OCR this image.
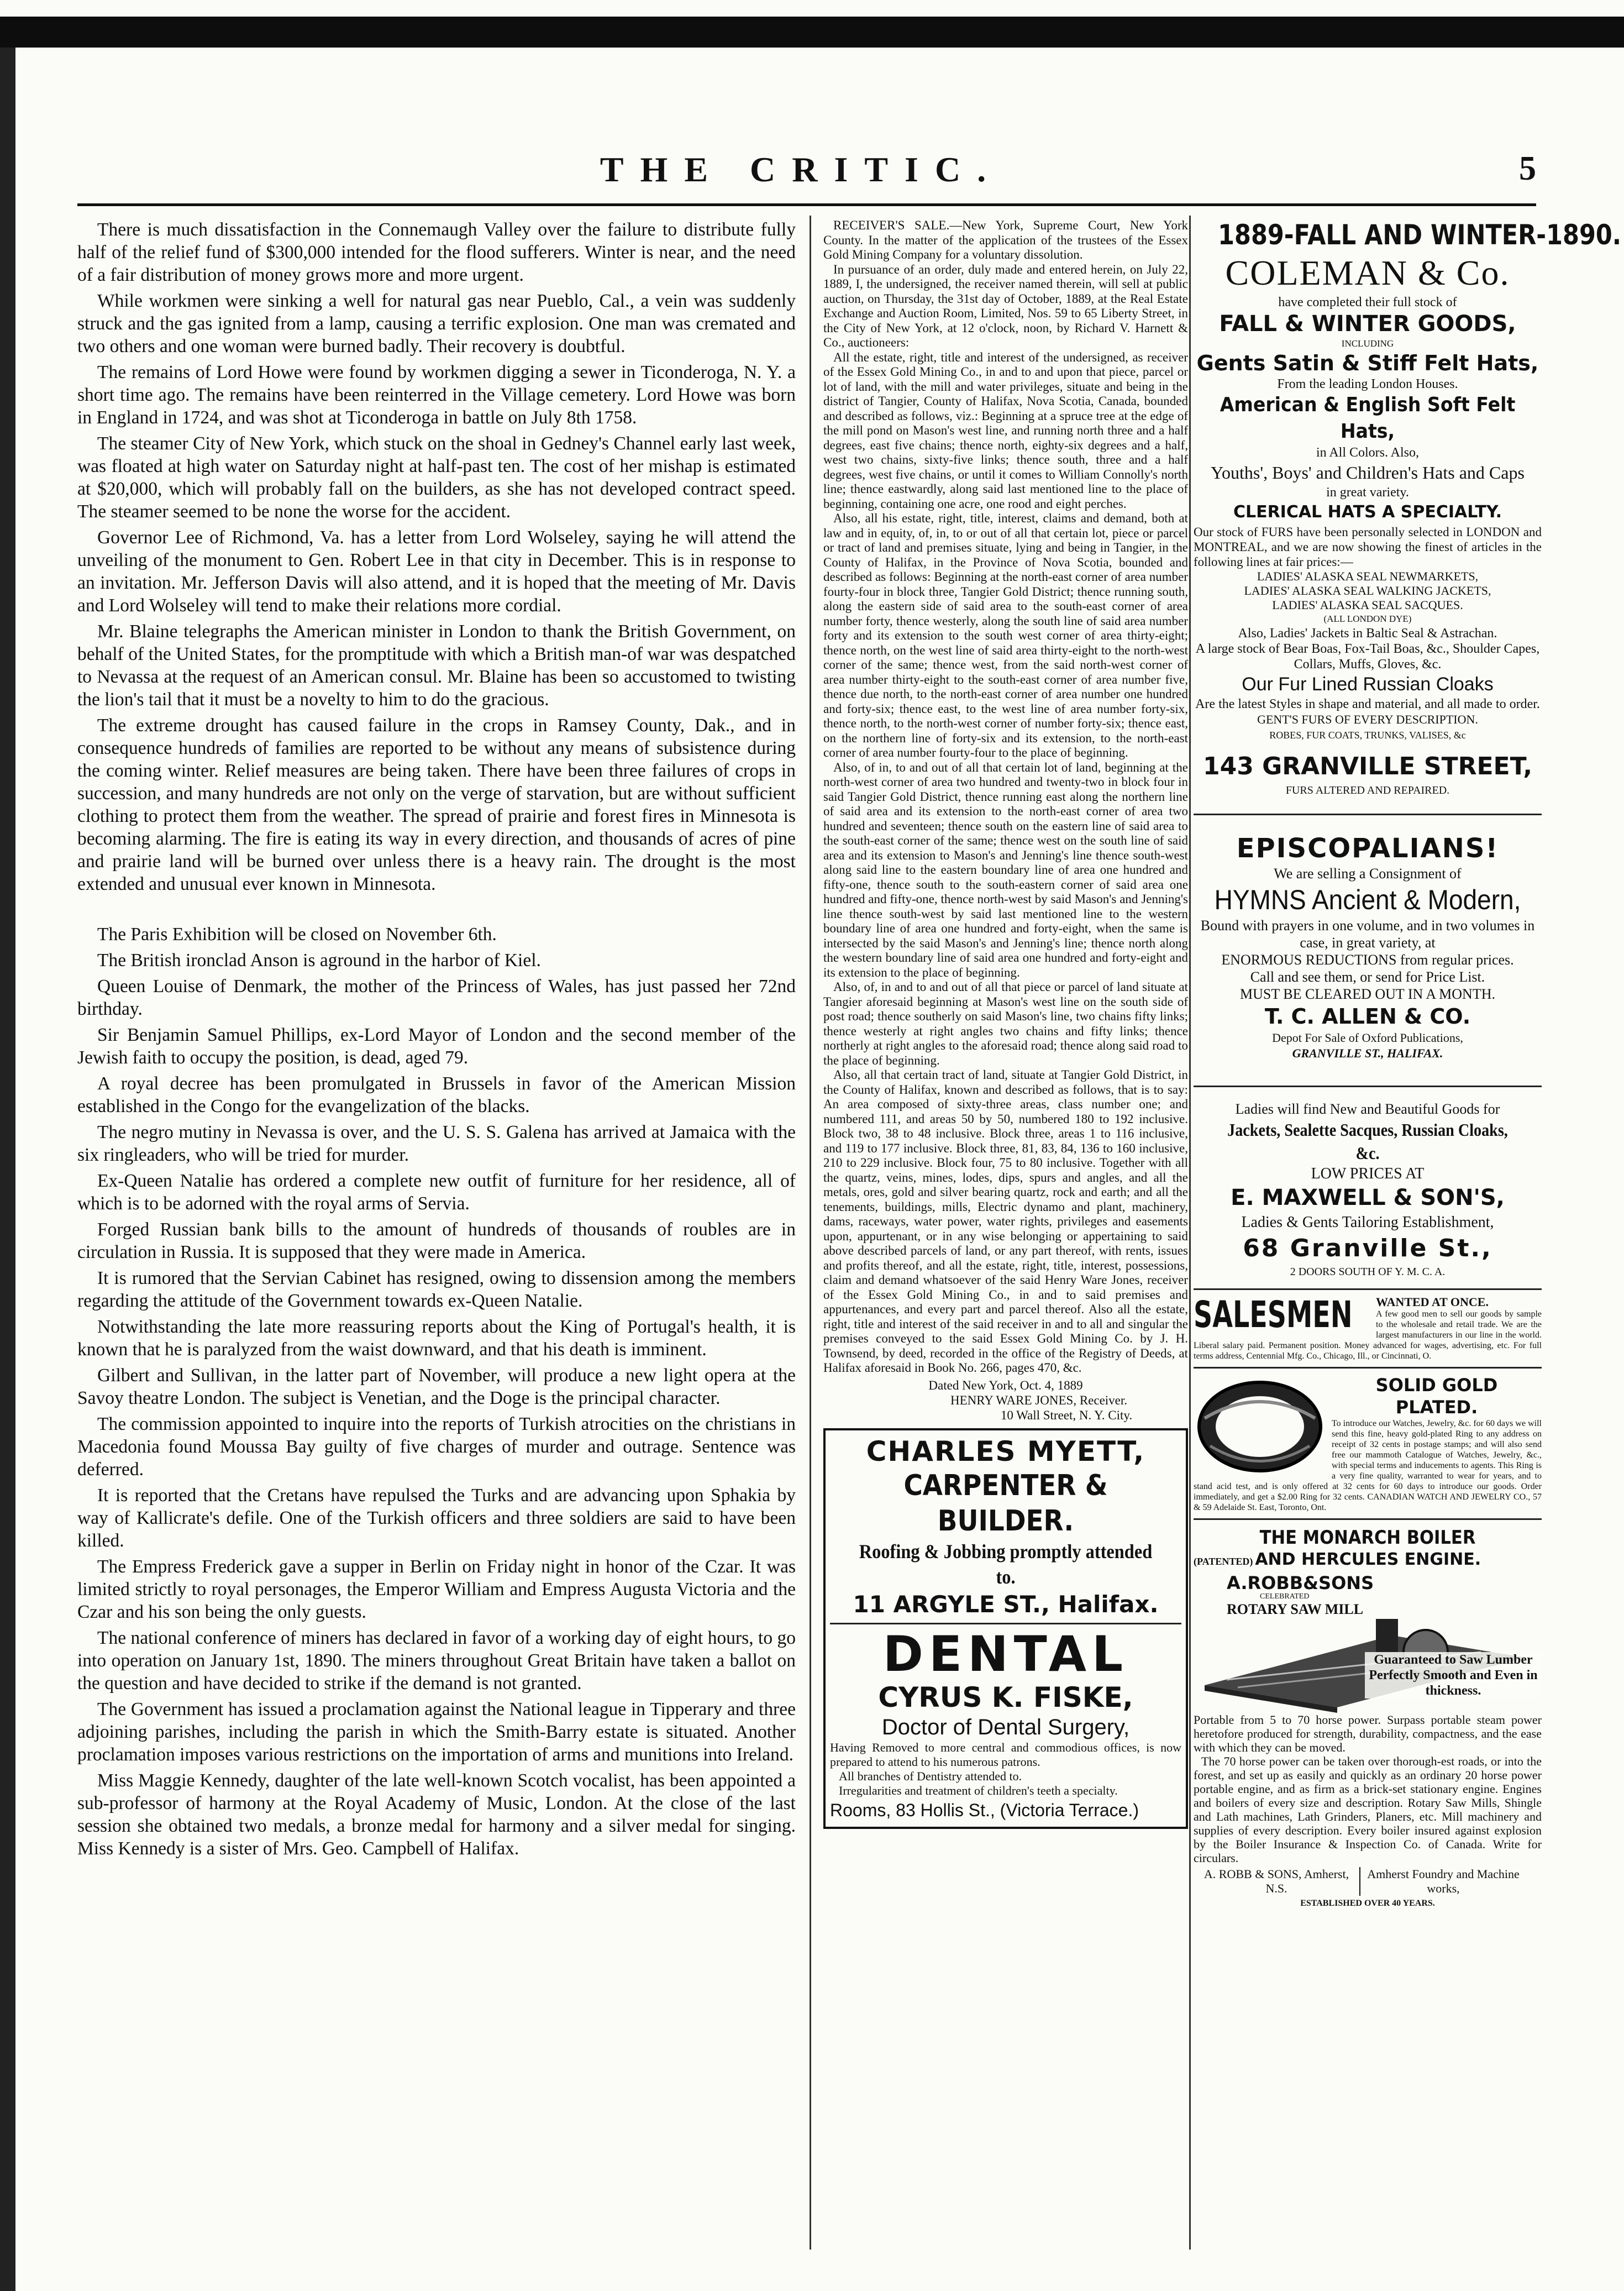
THE CRITIC.	5

There is much dissatisfaction in the Connemaugh Valley over the failure to distribute fully half of the relief fund of $300,000 intended for the flood sufferers. Winter is near, and the need of a fair distribution of money grows more and more urgent.

While workmen were sinking a well for natural gas near Pueblo, Cal., a vein was suddenly struck and the gas ignited from a lamp, causing a terrific explosion. One man was cremated and two others and one woman were burned badly. Their recovery is doubtful.

The remains of Lord Howe were found by workmen digging a sewer in Ticonderoga, N. Y. a short time ago. The remains have been reinterred in the Village cemetery. Lord Howe was born in England in 1724, and was shot at Ticonderoga in battle on July 8th 1758.

The steamer City of New York, which stuck on the shoal in Gedney's Channel early last week, was floated at high water on Saturday night at half-past ten. The cost of her mishap is estimated at $20,000, which will probably fall on the builders, as she has not developed contract speed. The steamer seemed to be none the worse for the accident.

Governor Lee of Richmond, Va. has a letter from Lord Wolseley, saying he will attend the unveiling of the monument to Gen. Robert Lee in that city in December. This is in response to an invitation. Mr. Jefferson Davis will also attend, and it is hoped that the meeting of Mr. Davis and Lord Wolseley will tend to make their relations more cordial.

Mr. Blaine telegraphs the American minister in London to thank the British Government, on behalf of the United States, for the promptitude with which a British man-of war was despatched to Nevassa at the request of an American consul. Mr. Blaine has been so accustomed to twisting the lion's tail that it must be a novelty to him to do the gracious.

The extreme drought has caused failure in the crops in Ramsey County, Dak., and in consequence hundreds of families are reported to be without any means of subsistence during the coming winter. Relief measures are being taken. There have been three failures of crops in succession, and many hundreds are not only on the verge of starvation, but are without sufficient clothing to protect them from the weather. The spread of prairie and forest fires in Minnesota is becoming alarming. The fire is eating its way in every direction, and thousands of acres of pine and prairie land will be burned over unless there is a heavy rain. The drought is the most extended and unusual ever known in Minnesota.

The Paris Exhibition will be closed on November 6th.

The British ironclad Anson is aground in the harbor of Kiel.

Queen Louise of Denmark, the mother of the Princess of Wales, has just passed her 72nd birthday.

Sir Benjamin Samuel Phillips, ex-Lord Mayor of London and the second member of the Jewish faith to occupy the position, is dead, aged 79.

A royal decree has been promulgated in Brussels in favor of the American Mission established in the Congo for the evangelization of the blacks.

The negro mutiny in Nevassa is over, and the U. S. S. Galena has arrived at Jamaica with the six ringleaders, who will be tried for murder.

Ex-Queen Natalie has ordered a complete new outfit of furniture for her residence, all of which is to be adorned with the royal arms of Servia.

Forged Russian bank bills to the amount of hundreds of thousands of roubles are in circulation in Russia. It is supposed that they were made in America.

It is rumored that the Servian Cabinet has resigned, owing to dissension among the members regarding the attitude of the Government towards ex-Queen Natalie.

Notwithstanding the late more reassuring reports about the King of Portugal's health, it is known that he is paralyzed from the waist downward, and that his death is imminent.

Gilbert and Sullivan, in the latter part of November, will produce a new light opera at the Savoy theatre London. The subject is Venetian, and the Doge is the principal character.

The commission appointed to inquire into the reports of Turkish atrocities on the christians in Macedonia found Moussa Bay guilty of five charges of murder and outrage. Sentence was deferred.

It is reported that the Cretans have repulsed the Turks and are advancing upon Sphakia by way of Kallicrate's defile. One of the Turkish officers and three soldiers are said to have been killed.

The Empress Frederick gave a supper in Berlin on Friday night in honor of the Czar. It was limited strictly to royal personages, the Emperor William and Empress Augusta Victoria and the Czar and his son being the only guests.

The national conference of miners has declared in favor of a working day of eight hours, to go into operation on January 1st, 1890. The miners throughout Great Britain have taken a ballot on the question and have decided to strike if the demand is not granted.

The Government has issued a proclamation against the National league in Tipperary and three adjoining parishes, including the parish in which the Smith-Barry estate is situated. Another proclamation imposes various restrictions on the importation of arms and munitions into Ireland.

Miss Maggie Kennedy, daughter of the late well-known Scotch vocalist, has been appointed a sub-professor of harmony at the Royal Academy of Music, London. At the close of the last session she obtained two medals, a bronze medal for harmony and a silver medal for singing. Miss Kennedy is a sister of Mrs. Geo. Campbell of Halifax.

RECEIVER'S SALE.—New York, Supreme Court, New York County. In the matter of the application of the trustees of the Essex Gold Mining Company for a voluntary dissolution.

In pursuance of an order, duly made and entered herein, on July 22, 1889, I, the undersigned, the receiver named therein, will sell at public auction, on Thursday, the 31st day of October, 1889, at the Real Estate Exchange and Auction Room, Limited, Nos. 59 to 65 Liberty Street, in the City of New York, at 12 o'clock, noon, by Richard V. Harnett & Co., auctioneers:

All the estate, right, title and interest of the undersigned, as receiver of the Essex Gold Mining Co., in and to and upon that piece, parcel or lot of land, with the mill and water privileges, situate and being in the district of Tangier, County of Halifax, Nova Scotia, Canada, bounded and described as follows, viz.: Beginning at a spruce tree at the edge of the mill pond on Mason's west line, and running north three and a half degrees, east five chains; thence north, eighty-six degrees and a half, west two chains, sixty-five links; thence south, three and a half degrees, west five chains, or until it comes to William Connolly's north line; thence eastwardly, along said last mentioned line to the place of beginning, containing one acre, one rood and eight perches.

Also, all his estate, right, title, interest, claims and demand, both at law and in equity, of, in, to or out of all that certain lot, piece or parcel or tract of land and premises situate, lying and being in Tangier, in the County of Halifax, in the Province of Nova Scotia, bounded and described as follows: Beginning at the north-east corner of area number fourty-four in block three, Tangier Gold District; thence running south, along the eastern side of said area to the south-east corner of area number forty, thence westerly, along the south line of said area number forty and its extension to the south west corner of area thirty-eight; thence north, on the west line of said area thirty-eight to the north-west corner of the same; thence west, from the said north-west corner of area number thirty-eight to the south-east corner of area number five, thence due north, to the north-east corner of area number one hundred and forty-six; thence east, to the west line of area number forty-six, thence north, to the north-west corner of number forty-six; thence east, on the northern line of forty-six and its extension, to the north-east corner of area number fourty-four to the place of beginning.

Also, of in, to and out of all that certain lot of land, beginning at the north-west corner of area two hundred and twenty-two in block four in said Tangier Gold District, thence running east along the northern line of said area and its extension to the north-east corner of area two hundred and seventeen; thence south on the eastern line of said area to the south-east corner of the same; thence west on the south line of said area and its extension to Mason's and Jenning's line thence south-west along said line to the eastern boundary line of area one hundred and fifty-one, thence south to the south-eastern corner of said area one hundred and fifty-one, thence north-west by said Mason's and Jenning's line thence south-west by said last mentioned line to the western boundary line of area one hundred and forty-eight, when the same is intersected by the said Mason's and Jenning's line; thence north along the western boundary line of said area one hundred and forty-eight and its extension to the place of beginning.

Also, of, in and to and out of all that piece or parcel of land situate at Tangier aforesaid beginning at Mason's west line on the south side of post road; thence southerly on said Mason's line, two chains fifty links; thence westerly at right angles two chains and fifty links; thence northerly at right angles to the aforesaid road; thence along said road to the place of beginning.

Also, all that certain tract of land, situate at Tangier Gold District, in the County of Halifax, known and described as follows, that is to say: An area composed of sixty-three areas, class number one; and numbered 111, and areas 50 by 50, numbered 180 to 192 inclusive. Block two, 38 to 48 inclusive. Block three, areas 1 to 116 inclusive, and 119 to 177 inclusive. Block three, 81, 83, 84, 136 to 160 inclusive, 210 to 229 inclusive. Block four, 75 to 80 inclusive. Together with all the quartz, veins, mines, lodes, dips, spurs and angles, and all the metals, ores, gold and silver bearing quartz, rock and earth; and all the tenements, buildings, mills, Electric dynamo and plant, machinery, dams, raceways, water power, water rights, privileges and easements upon, appurtenant, or in any wise belonging or appertaining to said above described parcels of land, or any part thereof, with rents, issues and profits thereof, and all the estate, right, title, interest, possessions, claim and demand whatsoever of the said Henry Ware Jones, receiver of the Essex Gold Mining Co., in and to said premises and appurtenances, and every part and parcel thereof. Also all the estate, right, title and interest of the said receiver in and to all and singular the premises conveyed to the said Essex Gold Mining Co. by J. H. Townsend, by deed, recorded in the office of the Registry of Deeds, at Halifax aforesaid in Book No. 266, pages 470, &c.

Dated New York, Oct. 4, 1889
HENRY WARE JONES, Receiver.
10 Wall Street, N. Y. City.
CHARLES MYETT,
CARPENTER & BUILDER.
Roofing & Jobbing promptly attended to.
11 ARGYLE ST., Halifax.
DENTAL
CYRUS K. FISKE,
Doctor of Dental Surgery,
Having Removed to more central and commodious offices, is now prepared to attend to his numerous patrons.
All branches of Dentistry attended to.
Irregularities and treatment of children's teeth a specialty.
Rooms, 83 Hollis St., (Victoria Terrace.)
1889-FALL AND WINTER-1890.
COLEMAN & Co.
have completed their full stock of
FALL & WINTER GOODS,
INCLUDING
Gents Satin & Stiff Felt Hats,
From the leading London Houses.
American & English Soft Felt Hats,
in All Colors. Also,
Youths', Boys' and Children's Hats and Caps
in great variety.
CLERICAL HATS A SPECIALTY.
Our stock of FURS have been personally selected in LONDON and MONTREAL, and we are now showing the finest of articles in the following lines at fair prices:—
LADIES' ALASKA SEAL NEWMARKETS,
LADIES' ALASKA SEAL WALKING JACKETS,
LADIES' ALASKA SEAL SACQUES.
(ALL LONDON DYE)
Also, Ladies' Jackets in Baltic Seal & Astrachan.
A large stock of Bear Boas, Fox-Tail Boas, &c., Shoulder Capes, Collars, Muffs, Gloves, &c.
Our Fur Lined Russian Cloaks
Are the latest Styles in shape and material, and all made to order.
GENT'S FURS OF EVERY DESCRIPTION.
ROBES, FUR COATS, TRUNKS, VALISES, &c
143 GRANVILLE STREET,
FURS ALTERED AND REPAIRED.
EPISCOPALIANS!
We are selling a Consignment of
HYMNS Ancient & Modern,
Bound with prayers in one volume, and in two volumes in case, in great variety, at
ENORMOUS REDUCTIONS from regular prices.
Call and see them, or send for Price List.
MUST BE CLEARED OUT IN A MONTH.
T. C. ALLEN & CO.
Depot For Sale of Oxford Publications,
GRANVILLE ST., HALIFAX.
Ladies will find New and Beautiful Goods for
Jackets, Sealette Sacques, Russian Cloaks, &c.
LOW PRICES AT
E. MAXWELL & SON'S,
Ladies & Gents Tailoring Establishment,
68 Granville St.,
2 DOORS SOUTH OF Y. M. C. A.
SALESMEN	WANTED AT ONCE.
A few good men to sell our goods by sample to the wholesale and retail trade. We are the largest manufacturers in our line in the world. Liberal salary paid. Permanent position. Money advanced for wages, advertising, etc. For full terms address, Centennial Mfg. Co., Chicago, Ill., or Cincinnati, O.
SOLID GOLD PLATED.
To introduce our Watches, Jewelry, &c. for 60 days we will send this fine, heavy gold-plated Ring to any address on receipt of 32 cents in postage stamps; and will also send free our mammoth Catalogue of Watches, Jewelry, &c., with special terms and inducements to agents. This Ring is a very fine quality, warranted to wear for years, and to stand acid test, and is only offered at 32 cents for 60 days to introduce our goods. Order immediately, and get a $2.00 Ring for 32 cents. CANADIAN WATCH AND JEWELRY CO., 57 & 59 Adelaide St. East, Toronto, Ont.
THE MONARCH BOILER
(PATENTED) AND HERCULES ENGINE.
A.ROBB&SONS
CELEBRATED
ROTARY SAW MILL
Guaranteed to Saw Lumber Perfectly Smooth and Even in thickness.
Portable from 5 to 70 horse power. Surpass portable steam power heretofore produced for strength, durability, compactness, and the ease with which they can be moved.
The 70 horse power can be taken over thorough-est roads, or into the forest, and set up as easily and quickly as an ordinary 20 horse power portable engine, and as firm as a brick-set stationary engine. Engines and boilers of every size and description. Rotary Saw Mills, Shingle and Lath machines, Lath Grinders, Planers, etc. Mill machinery and supplies of every description. Every boiler insured against explosion by the Boiler Insurance & Inspection Co. of Canada. Write for circulars.
A. ROBB & SONS, Amherst, N.S.
Amherst Foundry and Machine works,
ESTABLISHED OVER 40 YEARS.
